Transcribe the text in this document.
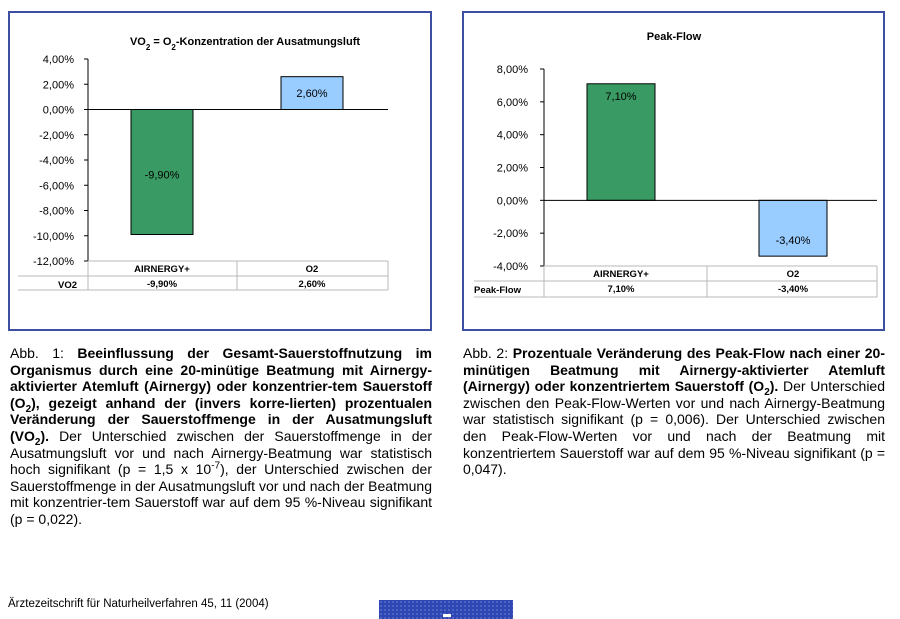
$VO_2$ = $O_2$-Konzentration der Ausatmungsluft
4,00%
2,00%
0,00%
-2,00%
-4,00%
-6,00%
-8,00%
-10,00%
-12,00%
-9,90%
2,60%
AIRNERGY+
-9,90%
O2
2,60%
VO2
Peak-Flow
8,00%
6,00%
4,00%
2,00%
0,00%
-2,00%
-4,00%
7,10%
-3,40%
AIRNERGY+
7,10%
O2
-3,40%
Peak-Flow
Abb. 1: Beeinflussung der Gesamt-Sauerstoffnutzung im Organismus durch eine 20-minütige Beatmung mit Airnergy-aktivierter Atemluft (Airnergy) oder konzentrier-tem Sauerstoff $(O_2)$, gezeigt anhand der (invers korre-lierten) prozentualen Veränderung der Sauerstoffmenge in der Ausatmungsluft $(VO_2)$. Der Unterschied zwischen der Sauerstoffmenge in der Ausatmungsluft vor und nach Airnergy-Beatmung war statistisch hoch signifikant (p = 1,5 x $10^{-7}$), der Unterschied zwischen der Sauerstoffmenge in der Ausatmungsluft vor und nach der Beatmung mit konzentrier-tem Sauerstoff war auf dem 95 %-Niveau signifikant (p = 0,022).
Abb. 2: Prozentuale Veränderung des Peak-Flow nach einer 20-minütigen Beatmung mit Airnergy-aktivierter Atemluft (Airnergy) oder konzentriertem Sauerstoff $(O_2)$. Der Unterschied zwischen den Peak-Flow-Werten vor und nach Airnergy-Beatmung war statistisch signifikant (p = 0,006). Der Unterschied zwischen den Peak-Flow-Werten vor und nach der Beatmung mit konzentriertem Sauerstoff war auf dem 95 %-Niveau signifikant (p = 0,047).
Ärztezeitschrift für Naturheilverfahren 45, 11 (2004)
